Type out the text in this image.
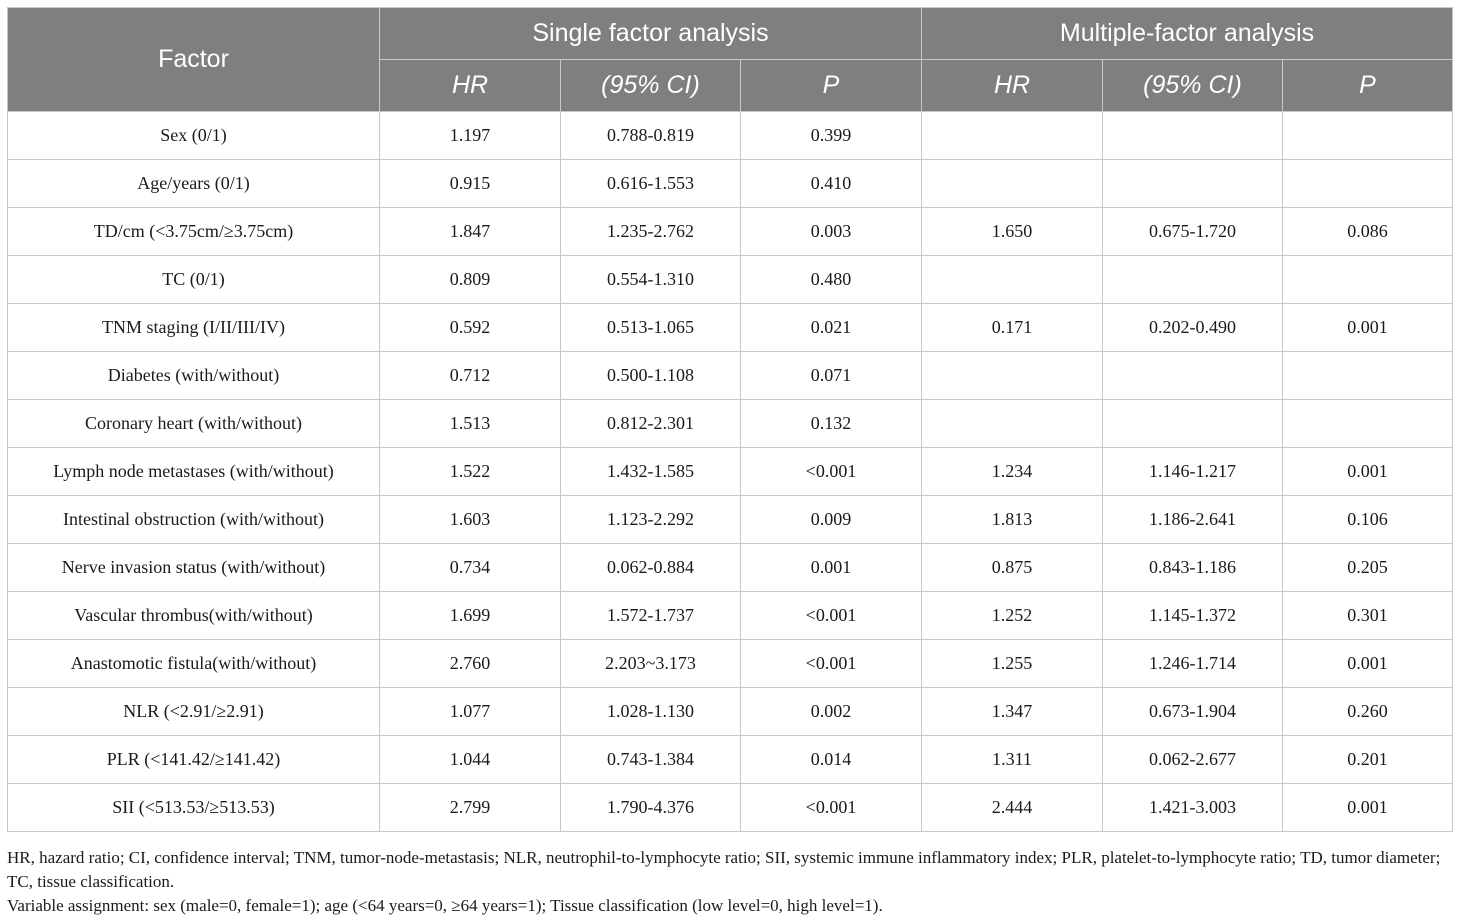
Factor	Single factor analysis			Multiple-factor analysis		
	HR	(95% CI)	P	HR	(95% CI)	P
Sex (0/1)	1.197	0.788-0.819	0.399			
Age/years (0/1)	0.915	0.616-1.553	0.410			
TD/cm (<3.75cm/≥3.75cm)	1.847	1.235-2.762	0.003	1.650	0.675-1.720	0.086
TC (0/1)	0.809	0.554-1.310	0.480			
TNM staging (I/II/III/IV)	0.592	0.513-1.065	0.021	0.171	0.202-0.490	0.001
Diabetes (with/without)	0.712	0.500-1.108	0.071			
Coronary heart (with/without)	1.513	0.812-2.301	0.132			
Lymph node metastases (with/without)	1.522	1.432-1.585	<0.001	1.234	1.146-1.217	0.001
Intestinal obstruction (with/without)	1.603	1.123-2.292	0.009	1.813	1.186-2.641	0.106
Nerve invasion status (with/without)	0.734	0.062-0.884	0.001	0.875	0.843-1.186	0.205
Vascular thrombus(with/without)	1.699	1.572-1.737	<0.001	1.252	1.145-1.372	0.301
Anastomotic fistula(with/without)	2.760	2.203~3.173	<0.001	1.255	1.246-1.714	0.001
NLR (<2.91/≥2.91)	1.077	1.028-1.130	0.002	1.347	0.673-1.904	0.260
PLR (<141.42/≥141.42)	1.044	0.743-1.384	0.014	1.311	0.062-2.677	0.201
SII (<513.53/≥513.53)	2.799	1.790-4.376	<0.001	2.444	1.421-3.003	0.001

HR, hazard ratio; CI, confidence interval; TNM, tumor-node-metastasis; NLR, neutrophil-to-lymphocyte ratio; SII, systemic immune inflammatory index; PLR, platelet-to-lymphocyte ratio; TD, tumor diameter; TC, tissue classification.

Variable assignment: sex (male=0, female=1); age (<64 years=0, ≥64 years=1); Tissue classification (low level=0, high level=1).
